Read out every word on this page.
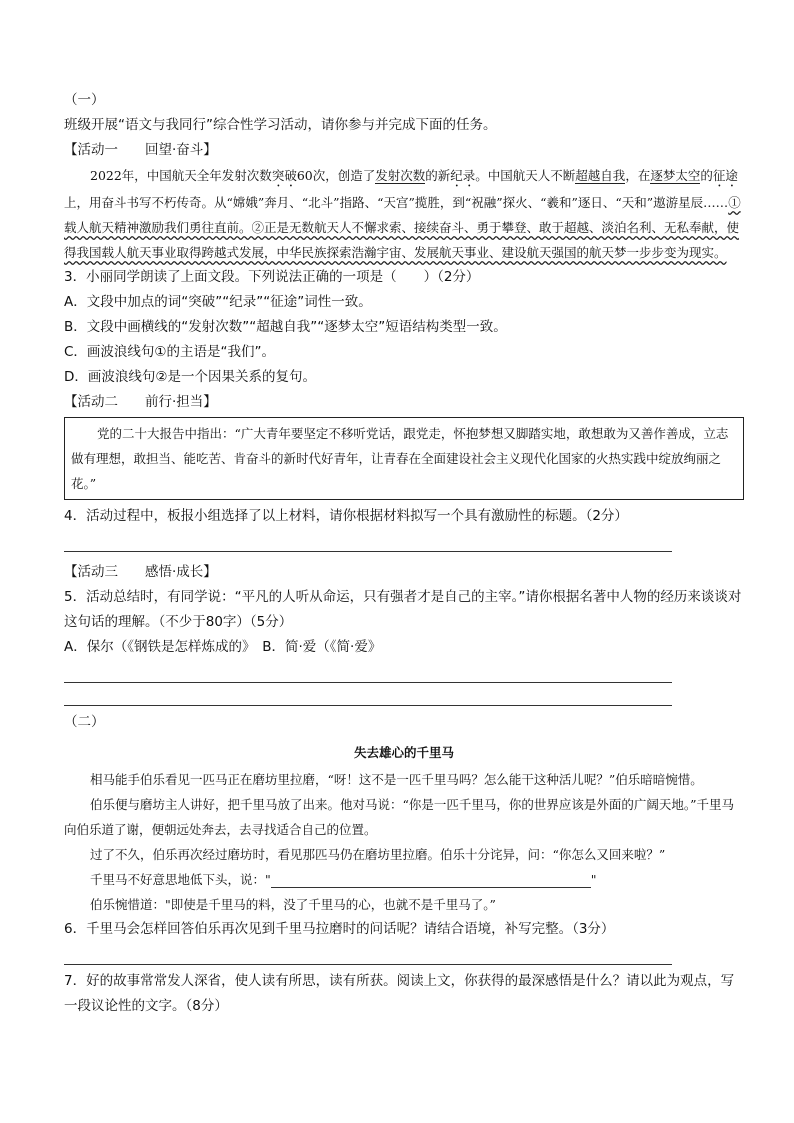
（一）

班级开展“语文与我同行”综合性学习活动，请你参与并完成下面的任务。

【活动一　　回望·奋斗】

2022年，中国航天全年发射次数突破60次，创造了发射次数的新纪录。中国航天人不断超越自我，在逐梦太空的征途上，用奋斗书写不朽传奇。从“嫦娥”奔月、“北斗”指路、“天宫”揽胜，到“祝融”探火、“羲和”逐日、“天和”遨游星辰……①载人航天精神激励我们勇往直前。②正是无数航天人不懈求索、接续奋斗、勇于攀登、敢于超越、淡泊名利、无私奉献，使得我国载人航天事业取得跨越式发展，中华民族探索浩瀚宇宙、发展航天事业、建设航天强国的航天梦一步步变为现实。

3．小丽同学朗读了上面文段。下列说法正确的一项是（　　）（2分）

A．文段中加点的词“突破”“纪录”“征途”词性一致。

B．文段中画横线的“发射次数”“超越自我”“逐梦太空”短语结构类型一致。

C．画波浪线句①的主语是“我们”。

D．画波浪线句②是一个因果关系的复句。

【活动二　　前行·担当】

党的二十大报告中指出：“广大青年要坚定不移听党话，跟党走，怀抱梦想又脚踏实地，敢想敢为又善作善成，立志做有理想，敢担当、能吃苦、肯奋斗的新时代好青年，让青春在全面建设社会主义现代化国家的火热实践中绽放绚丽之花。”

4．活动过程中，板报小组选择了以上材料，请你根据材料拟写一个具有激励性的标题。（2分）

【活动三　　感悟·成长】

5．活动总结时，有同学说：“平凡的人听从命运，只有强者才是自己的主宰。”请你根据名著中人物的经历来谈谈对这句话的理解。（不少于80字）（5分）

A．保尔（《钢铁是怎样炼成的》　B．简·爱（《简·爱》

（二）

失去雄心的千里马

相马能手伯乐看见一匹马正在磨坊里拉磨，“呀！这不是一匹千里马吗？怎么能干这种活儿呢？”伯乐暗暗惋惜。

伯乐便与磨坊主人讲好，把千里马放了出来。他对马说：“你是一匹千里马，你的世界应该是外面的广阔天地。”千里马向伯乐道了谢，便朝远处奔去，去寻找适合自己的位置。

过了不久，伯乐再次经过磨坊时，看见那匹马仍在磨坊里拉磨。伯乐十分诧异，问：“你怎么又回来啦？”

千里马不好意思地低下头，说："	"

伯乐惋惜道："即使是千里马的料，没了千里马的心，也就不是千里马了。”

6．千里马会怎样回答伯乐再次见到千里马拉磨时的问话呢？请结合语境，补写完整。（3分）

7．好的故事常常发人深省，使人读有所思，读有所获。阅读上文，你获得的最深感悟是什么？请以此为观点，写一段议论性的文字。（8分）
